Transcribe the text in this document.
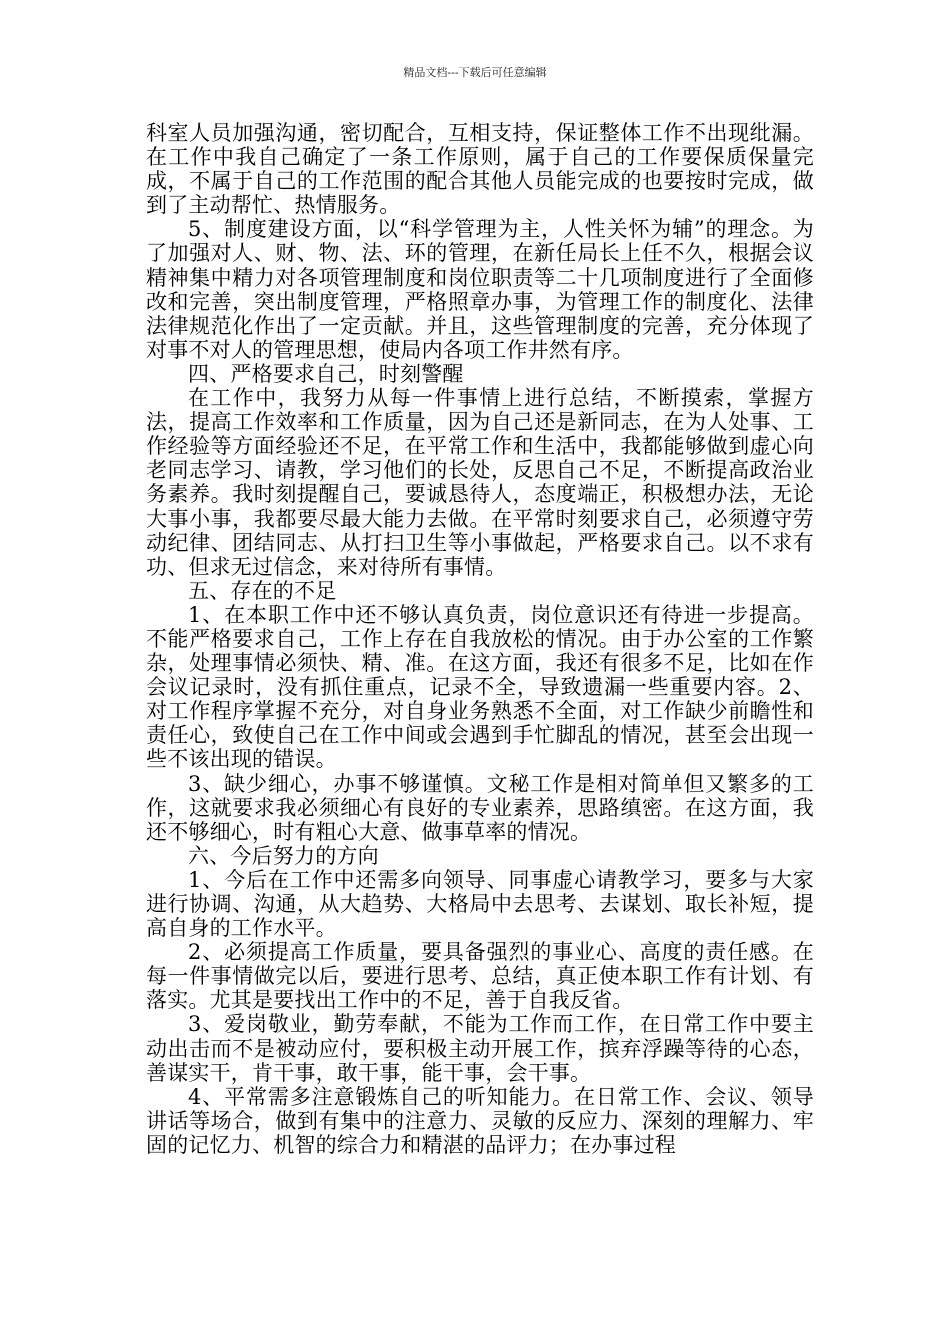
精品文档---下载后可任意编辑

科室人员加强沟通，密切配合，互相支持，保证整体工作不出现纰漏。在工作中我自己确定了一条工作原则，属于自己的工作要保质保量完成，不属于自己的工作范围的配合其他人员能完成的也要按时完成，做到了主动帮忙、热情服务。

5、制度建设方面，以“科学管理为主，人性关怀为辅”的理念。为了加强对人、财、物、法、环的管理，在新任局长上任不久，根据会议精神集中精力对各项管理制度和岗位职责等二十几项制度进行了全面修改和完善，突出制度管理，严格照章办事，为管理工作的制度化、法律法律规范化作出了一定贡献。并且，这些管理制度的完善，充分体现了对事不对人的管理思想，使局内各项工作井然有序。

四、严格要求自己，时刻警醒

在工作中，我努力从每一件事情上进行总结，不断摸索，掌握方法，提高工作效率和工作质量，因为自己还是新同志，在为人处事、工作经验等方面经验还不足，在平常工作和生活中，我都能够做到虚心向老同志学习、请教，学习他们的长处，反思自己不足，不断提高政治业务素养。我时刻提醒自己，要诚恳待人，态度端正，积极想办法，无论大事小事，我都要尽最大能力去做。在平常时刻要求自己，必须遵守劳动纪律、团结同志、从打扫卫生等小事做起，严格要求自己。以不求有功、但求无过信念，来对待所有事情。

五、存在的不足

1、在本职工作中还不够认真负责，岗位意识还有待进一步提高。不能严格要求自己，工作上存在自我放松的情况。由于办公室的工作繁杂，处理事情必须快、精、准。在这方面，我还有很多不足，比如在作会议记录时，没有抓住重点，记录不全，导致遗漏一些重要内容。2、对工作程序掌握不充分，对自身业务熟悉不全面，对工作缺少前瞻性和责任心，致使自己在工作中间或会遇到手忙脚乱的情况，甚至会出现一些不该出现的错误。

3、缺少细心，办事不够谨慎。文秘工作是相对简单但又繁多的工作，这就要求我必须细心有良好的专业素养，思路缜密。在这方面，我还不够细心，时有粗心大意、做事草率的情况。

六、今后努力的方向

1、今后在工作中还需多向领导、同事虚心请教学习，要多与大家进行协调、沟通，从大趋势、大格局中去思考、去谋划、取长补短，提高自身的工作水平。

2、必须提高工作质量，要具备强烈的事业心、高度的责任感。在每一件事情做完以后，要进行思考、总结，真正使本职工作有计划、有落实。尤其是要找出工作中的不足，善于自我反省。

3、爱岗敬业，勤劳奉献，不能为工作而工作，在日常工作中要主动出击而不是被动应付，要积极主动开展工作，摈弃浮躁等待的心态，善谋实干，肯干事，敢干事，能干事，会干事。

4、平常需多注意锻炼自己的听知能力。在日常工作、会议、领导讲话等场合，做到有集中的注意力、灵敏的反应力、深刻的理解力、牢固的记忆力、机智的综合力和精湛的品评力；在办事过程
